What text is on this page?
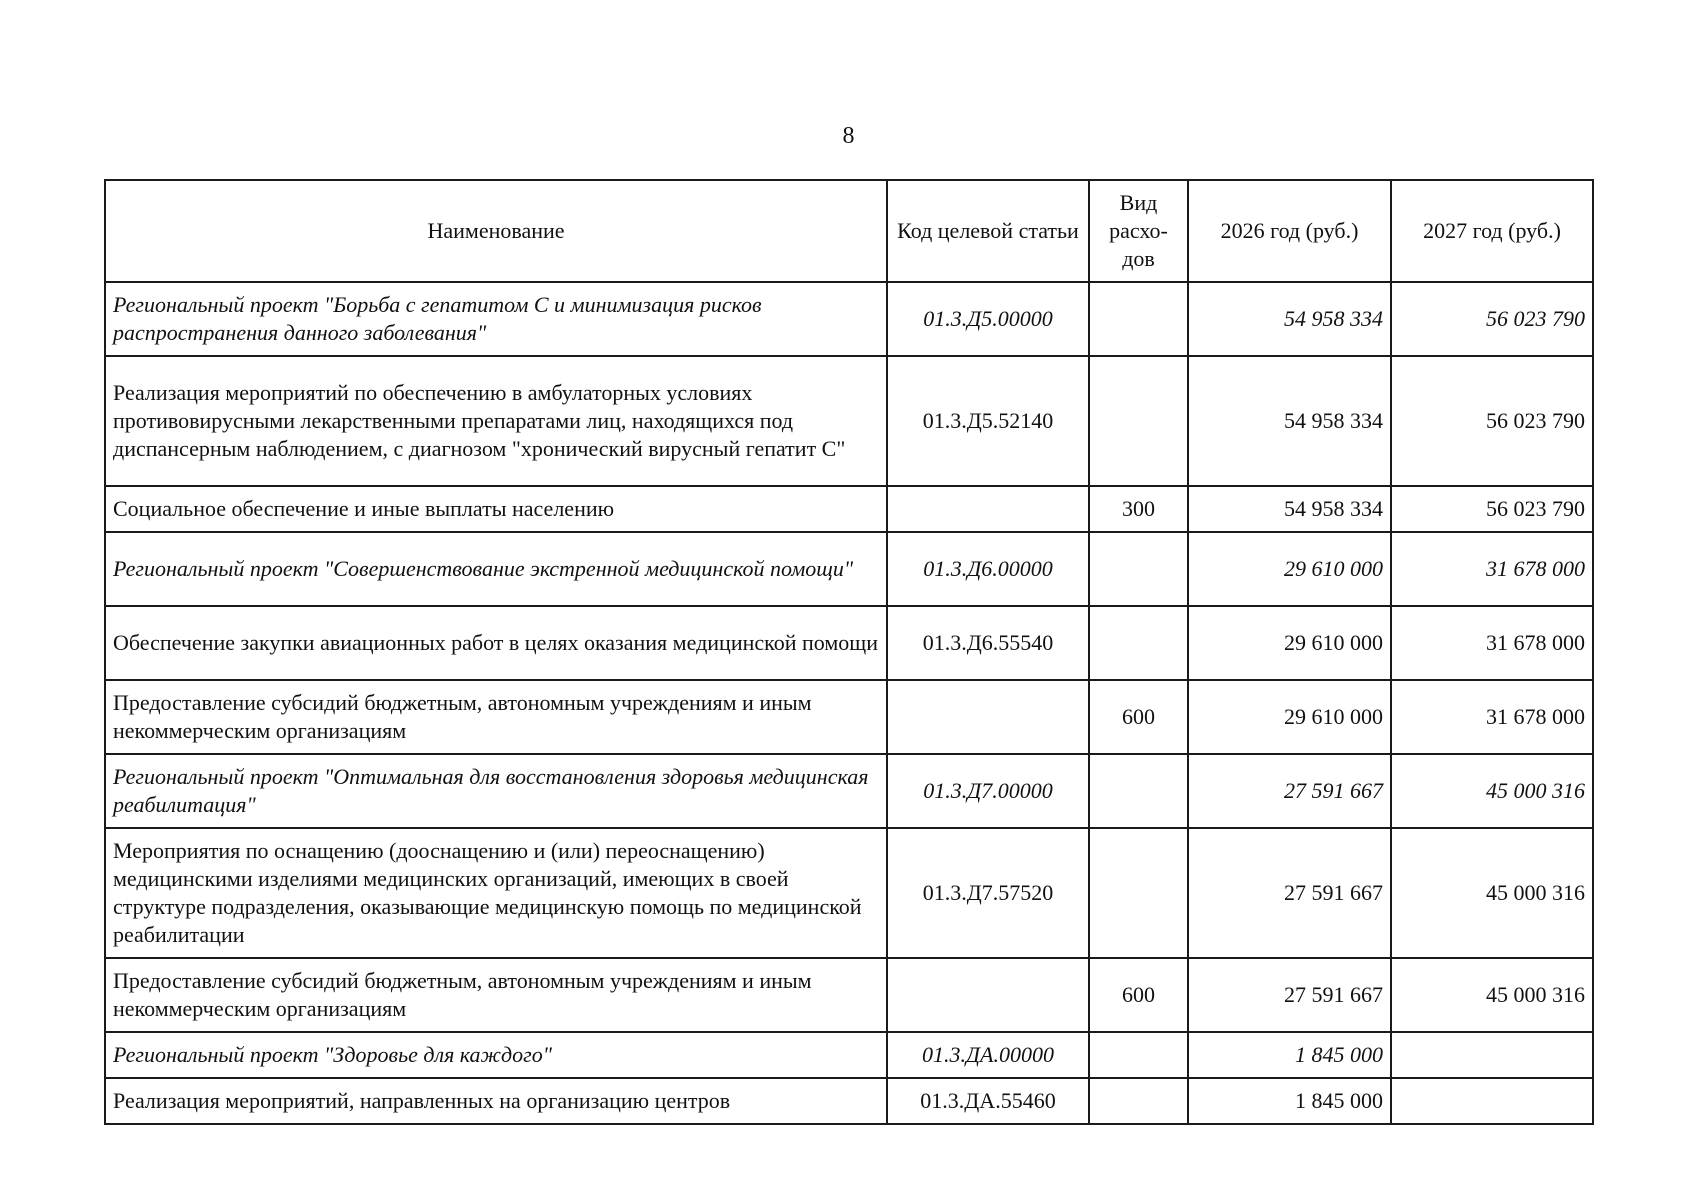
8
Наименование	Код целевой статьи	Вид расхо-дов	2026 год (руб.)	2027 год (руб.)
Региональный проект "Борьба с гепатитом С и минимизация рисков распространения данного заболевания"	01.3.Д5.00000		54 958 334	56 023 790
Реализация мероприятий по обеспечению в амбулаторных условиях противовирусными лекарственными препаратами лиц, находящихся под диспансерным наблюдением, с диагнозом "хронический вирусный гепатит С"	01.3.Д5.52140		54 958 334	56 023 790
Социальное обеспечение и иные выплаты населению		300	54 958 334	56 023 790
Региональный проект "Совершенствование экстренной медицинской помощи"	01.3.Д6.00000		29 610 000	31 678 000
Обеспечение закупки авиационных работ в целях оказания медицинской помощи	01.3.Д6.55540		29 610 000	31 678 000
Предоставление субсидий бюджетным, автономным учреждениям и иным некоммерческим организациям		600	29 610 000	31 678 000
Региональный проект "Оптимальная для восстановления здоровья медицинская реабилитация"	01.3.Д7.00000		27 591 667	45 000 316
Мероприятия по оснащению (дооснащению и (или) переоснащению) медицинскими изделиями медицинских организаций, имеющих в своей структуре подразделения, оказывающие медицинскую помощь по медицинской реабилитации	01.3.Д7.57520		27 591 667	45 000 316
Предоставление субсидий бюджетным, автономным учреждениям и иным некоммерческим организациям		600	27 591 667	45 000 316
Региональный проект "Здоровье для каждого"	01.3.ДА.00000		1 845 000	
Реализация мероприятий, направленных на организацию центров	01.3.ДА.55460		1 845 000	
